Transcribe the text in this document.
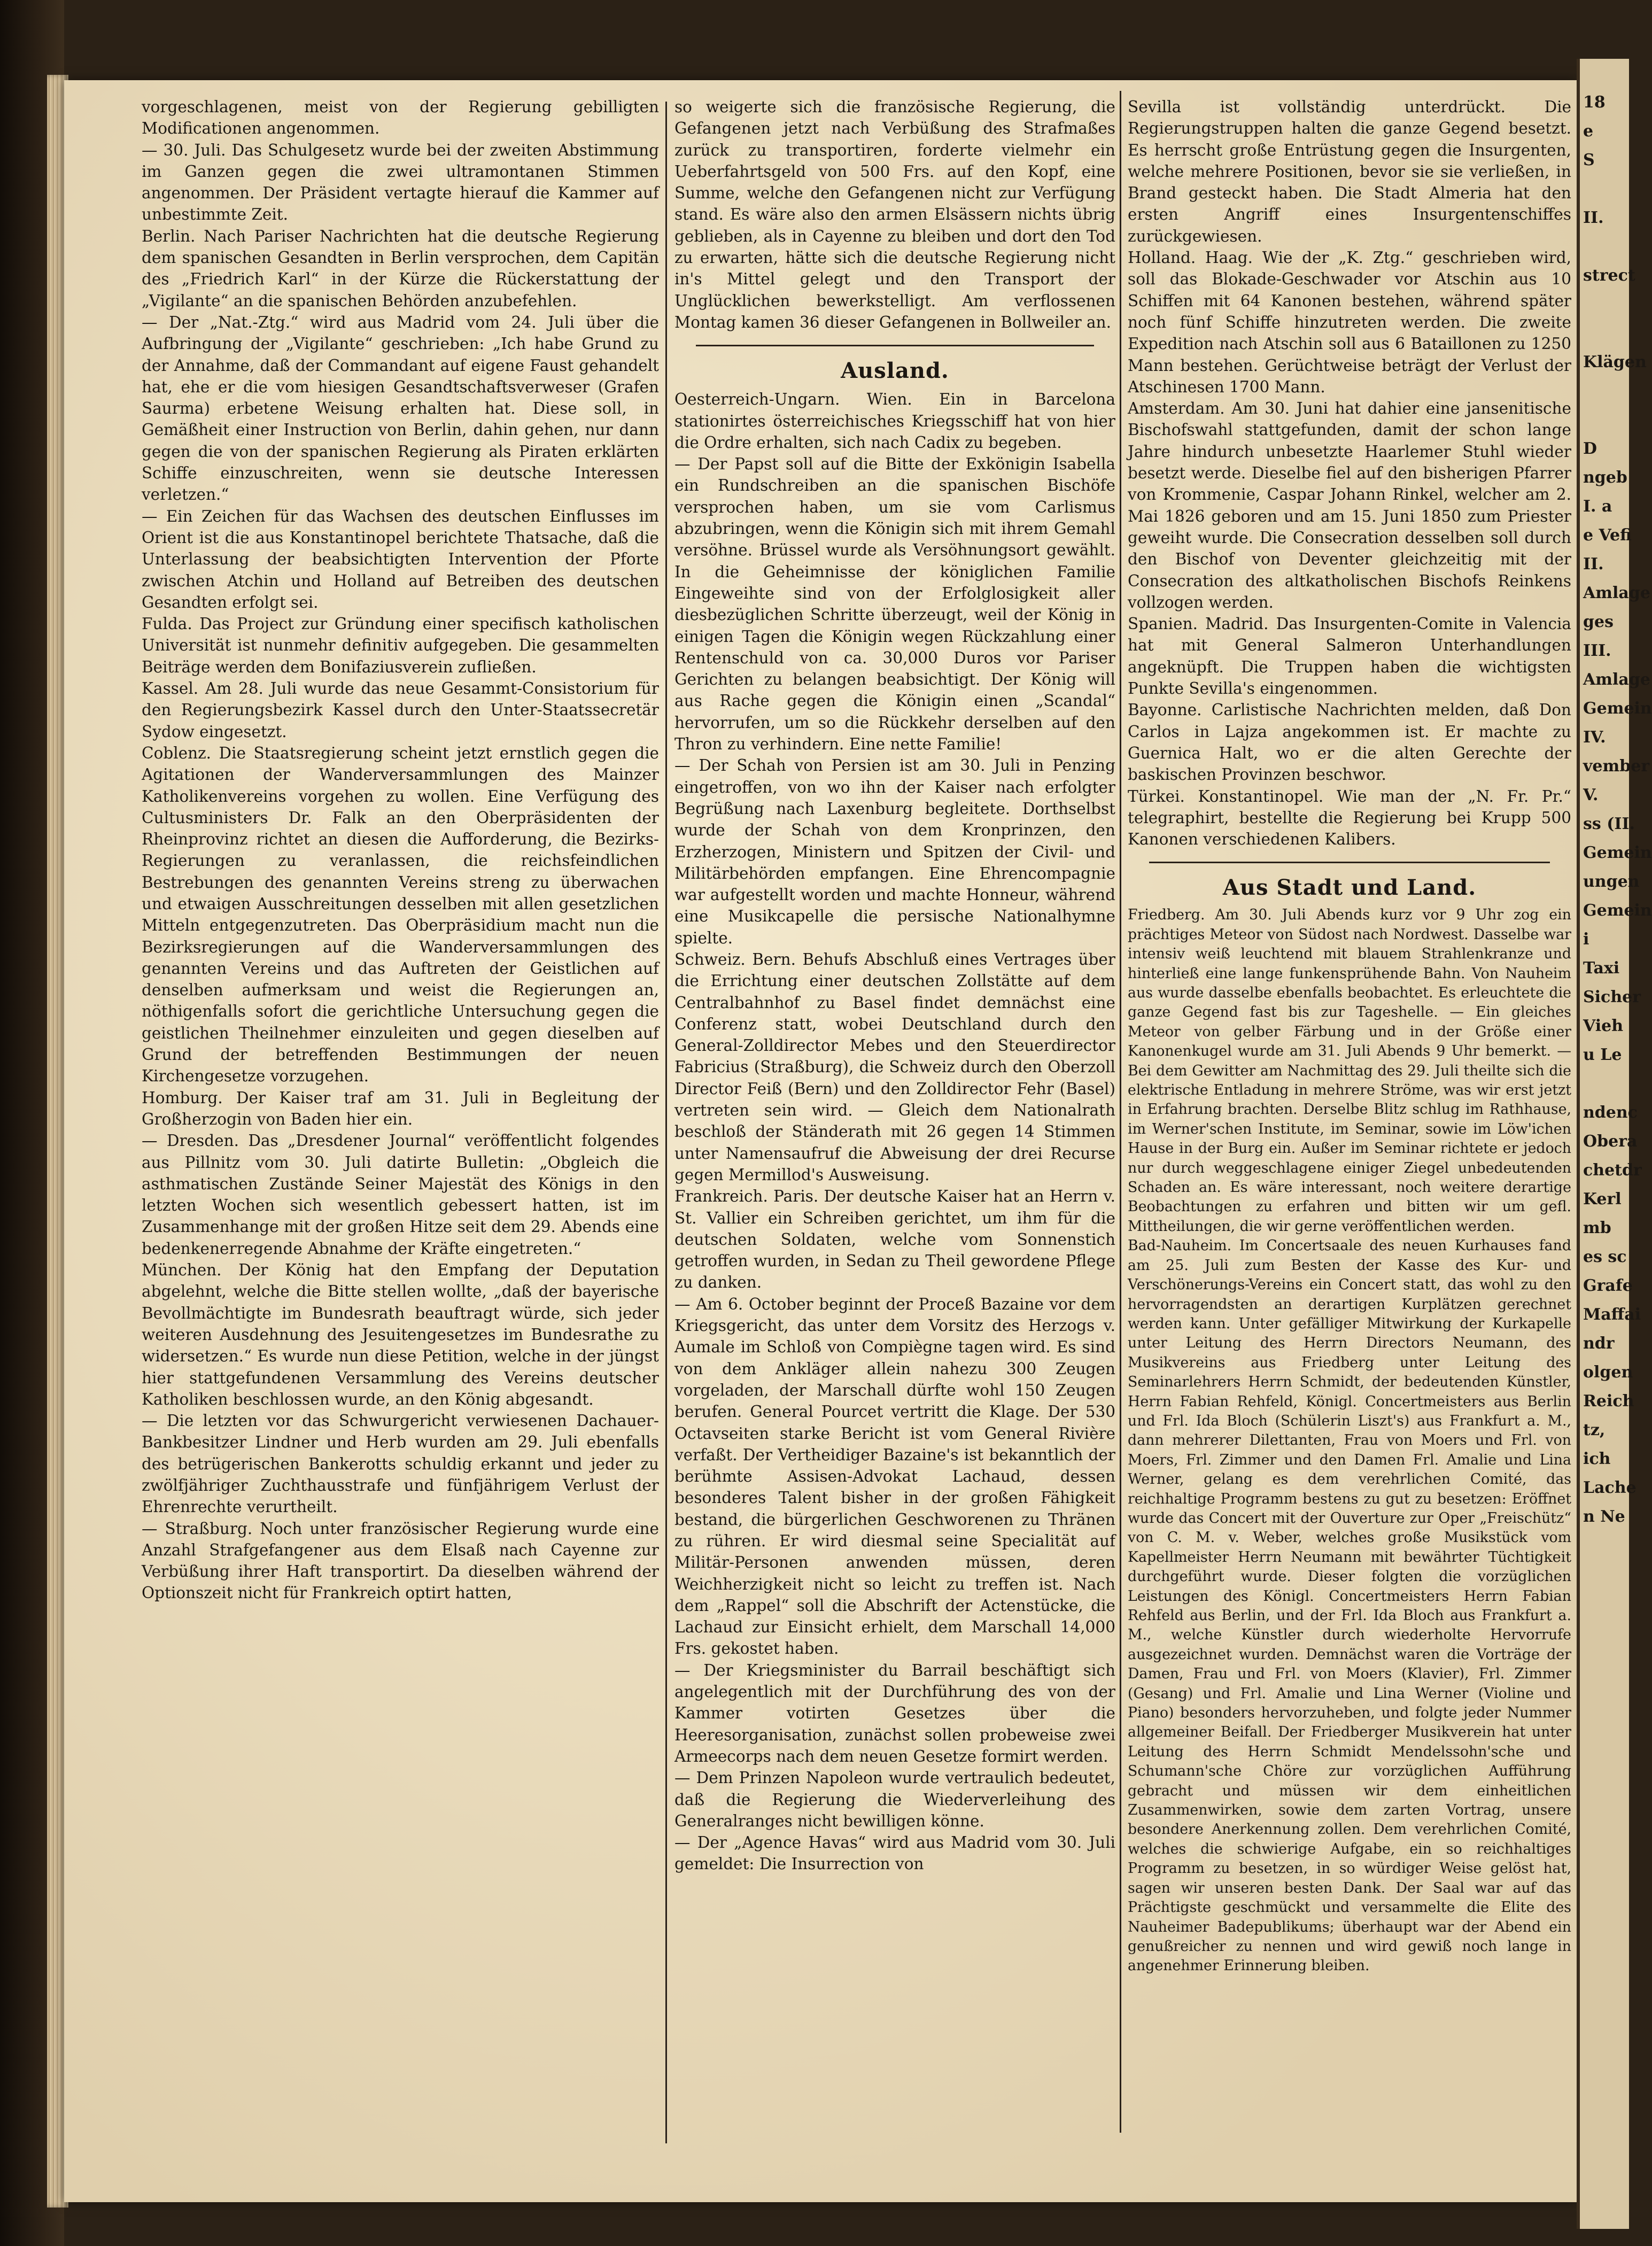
vorgeschlagenen, meist von der Regierung gebilligten Modificationen angenommen.

— 30. Juli. Das Schulgesetz wurde bei der zweiten Abstimmung im Ganzen gegen die zwei ultramontanen Stimmen angenommen. Der Präsident vertagte hierauf die Kammer auf unbestimmte Zeit.

Berlin. Nach Pariser Nachrichten hat die deutsche Regierung dem spanischen Gesandten in Berlin versprochen, dem Capitän des „Friedrich Karl“ in der Kürze die Rückerstattung der „Vigilante“ an die spanischen Behörden anzubefehlen.

— Der „Nat.-Ztg.“ wird aus Madrid vom 24. Juli über die Aufbringung der „Vigilante“ geschrieben: „Ich habe Grund zu der Annahme, daß der Commandant auf eigene Faust gehandelt hat, ehe er die vom hiesigen Gesandtschaftsverweser (Grafen Saurma) erbetene Weisung erhalten hat. Diese soll, in Gemäßheit einer Instruction von Berlin, dahin gehen, nur dann gegen die von der spanischen Regierung als Piraten erklärten Schiffe einzuschreiten, wenn sie deutsche Interessen verletzen.“

— Ein Zeichen für das Wachsen des deutschen Einflusses im Orient ist die aus Konstantinopel berichtete Thatsache, daß die Unterlassung der beabsichtigten Intervention der Pforte zwischen Atchin und Holland auf Betreiben des deutschen Gesandten erfolgt sei.

Fulda. Das Project zur Gründung einer specifisch katholischen Universität ist nunmehr definitiv aufgegeben. Die gesammelten Beiträge werden dem Bonifaziusverein zufließen.

Kassel. Am 28. Juli wurde das neue Gesammt-Consistorium für den Regierungsbezirk Kassel durch den Unter-Staatssecretär Sydow eingesetzt.

Coblenz. Die Staatsregierung scheint jetzt ernstlich gegen die Agitationen der Wanderversammlungen des Mainzer Katholikenvereins vorgehen zu wollen. Eine Verfügung des Cultusministers Dr. Falk an den Oberpräsidenten der Rheinprovinz richtet an diesen die Aufforderung, die Bezirks-Regierungen zu veranlassen, die reichsfeindlichen Bestrebungen des genannten Vereins streng zu überwachen und etwaigen Ausschreitungen desselben mit allen gesetzlichen Mitteln entgegenzutreten. Das Oberpräsidium macht nun die Bezirksregierungen auf die Wanderversammlungen des genannten Vereins und das Auftreten der Geistlichen auf denselben aufmerksam und weist die Regierungen an, nöthigenfalls sofort die gerichtliche Untersuchung gegen die geistlichen Theilnehmer einzuleiten und gegen dieselben auf Grund der betreffenden Bestimmungen der neuen Kirchengesetze vorzugehen.

Homburg. Der Kaiser traf am 31. Juli in Begleitung der Großherzogin von Baden hier ein.

— Dresden. Das „Dresdener Journal“ veröffentlicht folgendes aus Pillnitz vom 30. Juli datirte Bulletin: „Obgleich die asthmatischen Zustände Seiner Majestät des Königs in den letzten Wochen sich wesentlich gebessert hatten, ist im Zusammenhange mit der großen Hitze seit dem 29. Abends eine bedenkenerregende Abnahme der Kräfte eingetreten.“

München. Der König hat den Empfang der Deputation abgelehnt, welche die Bitte stellen wollte, „daß der bayerische Bevollmächtigte im Bundesrath beauftragt würde, sich jeder weiteren Ausdehnung des Jesuitengesetzes im Bundesrathe zu widersetzen.“ Es wurde nun diese Petition, welche in der jüngst hier stattgefundenen Versammlung des Vereins deutscher Katholiken beschlossen wurde, an den König abgesandt.

— Die letzten vor das Schwurgericht verwiesenen Dachauer-Bankbesitzer Lindner und Herb wurden am 29. Juli ebenfalls des betrügerischen Bankerotts schuldig erkannt und jeder zu zwölfjähriger Zuchthausstrafe und fünfjährigem Verlust der Ehrenrechte verurtheilt.

— Straßburg. Noch unter französischer Regierung wurde eine Anzahl Strafgefangener aus dem Elsaß nach Cayenne zur Verbüßung ihrer Haft transportirt. Da dieselben während der Optionszeit nicht für Frankreich optirt hatten,

so weigerte sich die französische Regierung, die Gefangenen jetzt nach Verbüßung des Strafmaßes zurück zu transportiren, forderte vielmehr ein Ueberfahrtsgeld von 500 Frs. auf den Kopf, eine Summe, welche den Gefangenen nicht zur Verfügung stand. Es wäre also den armen Elsässern nichts übrig geblieben, als in Cayenne zu bleiben und dort den Tod zu erwarten, hätte sich die deutsche Regierung nicht in's Mittel gelegt und den Transport der Unglücklichen bewerkstelligt. Am verflossenen Montag kamen 36 dieser Gefangenen in Bollweiler an.

Ausland.

Oesterreich-Ungarn. Wien. Ein in Barcelona stationirtes österreichisches Kriegsschiff hat von hier die Ordre erhalten, sich nach Cadix zu begeben.

— Der Papst soll auf die Bitte der Exkönigin Isabella ein Rundschreiben an die spanischen Bischöfe versprochen haben, um sie vom Carlismus abzubringen, wenn die Königin sich mit ihrem Gemahl versöhne. Brüssel wurde als Versöhnungsort gewählt. In die Geheimnisse der königlichen Familie Eingeweihte sind von der Erfolglosigkeit aller diesbezüglichen Schritte überzeugt, weil der König in einigen Tagen die Königin wegen Rückzahlung einer Rentenschuld von ca. 30,000 Duros vor Pariser Gerichten zu belangen beabsichtigt. Der König will aus Rache gegen die Königin einen „Scandal“ hervorrufen, um so die Rückkehr derselben auf den Thron zu verhindern. Eine nette Familie!

— Der Schah von Persien ist am 30. Juli in Penzing eingetroffen, von wo ihn der Kaiser nach erfolgter Begrüßung nach Laxenburg begleitete. Dorthselbst wurde der Schah von dem Kronprinzen, den Erzherzogen, Ministern und Spitzen der Civil- und Militärbehörden empfangen. Eine Ehrencompagnie war aufgestellt worden und machte Honneur, während eine Musikcapelle die persische Nationalhymne spielte.

Schweiz. Bern. Behufs Abschluß eines Vertrages über die Errichtung einer deutschen Zollstätte auf dem Centralbahnhof zu Basel findet demnächst eine Conferenz statt, wobei Deutschland durch den General-Zolldirector Mebes und den Steuerdirector Fabricius (Straßburg), die Schweiz durch den Oberzoll Director Feiß (Bern) und den Zolldirector Fehr (Basel) vertreten sein wird. — Gleich dem Nationalrath beschloß der Ständerath mit 26 gegen 14 Stimmen unter Namensaufruf die Abweisung der drei Recurse gegen Mermillod's Ausweisung.

Frankreich. Paris. Der deutsche Kaiser hat an Herrn v. St. Vallier ein Schreiben gerichtet, um ihm für die deutschen Soldaten, welche vom Sonnenstich getroffen wurden, in Sedan zu Theil gewordene Pflege zu danken.

— Am 6. October beginnt der Proceß Bazaine vor dem Kriegsgericht, das unter dem Vorsitz des Herzogs v. Aumale im Schloß von Compiègne tagen wird. Es sind von dem Ankläger allein nahezu 300 Zeugen vorgeladen, der Marschall dürfte wohl 150 Zeugen berufen. General Pourcet vertritt die Klage. Der 530 Octavseiten starke Bericht ist vom General Rivière verfaßt. Der Vertheidiger Bazaine's ist bekanntlich der berühmte Assisen-Advokat Lachaud, dessen besonderes Talent bisher in der großen Fähigkeit bestand, die bürgerlichen Geschworenen zu Thränen zu rühren. Er wird diesmal seine Specialität auf Militär-Personen anwenden müssen, deren Weichherzigkeit nicht so leicht zu treffen ist. Nach dem „Rappel“ soll die Abschrift der Actenstücke, die Lachaud zur Einsicht erhielt, dem Marschall 14,000 Frs. gekostet haben.

— Der Kriegsminister du Barrail beschäftigt sich angelegentlich mit der Durchführung des von der Kammer votirten Gesetzes über die Heeresorganisation, zunächst sollen probeweise zwei Armeecorps nach dem neuen Gesetze formirt werden.

— Dem Prinzen Napoleon wurde vertraulich bedeutet, daß die Regierung die Wiederverleihung des Generalranges nicht bewilligen könne.

— Der „Agence Havas“ wird aus Madrid vom 30. Juli gemeldet: Die Insurrection von

Sevilla ist vollständig unterdrückt. Die Regierungstruppen halten die ganze Gegend besetzt. Es herrscht große Entrüstung gegen die Insurgenten, welche mehrere Positionen, bevor sie sie verließen, in Brand gesteckt haben. Die Stadt Almeria hat den ersten Angriff eines Insurgentenschiffes zurückgewiesen.

Holland. Haag. Wie der „K. Ztg.“ geschrieben wird, soll das Blokade-Geschwader vor Atschin aus 10 Schiffen mit 64 Kanonen bestehen, während später noch fünf Schiffe hinzutreten werden. Die zweite Expedition nach Atschin soll aus 6 Bataillonen zu 1250 Mann bestehen. Gerüchtweise beträgt der Verlust der Atschinesen 1700 Mann.

Amsterdam. Am 30. Juni hat dahier eine jansenitische Bischofswahl stattgefunden, damit der schon lange Jahre hindurch unbesetzte Haarlemer Stuhl wieder besetzt werde. Dieselbe fiel auf den bisherigen Pfarrer von Krommenie, Caspar Johann Rinkel, welcher am 2. Mai 1826 geboren und am 15. Juni 1850 zum Priester geweiht wurde. Die Consecration desselben soll durch den Bischof von Deventer gleichzeitig mit der Consecration des altkatholischen Bischofs Reinkens vollzogen werden.

Spanien. Madrid. Das Insurgenten-Comite in Valencia hat mit General Salmeron Unterhandlungen angeknüpft. Die Truppen haben die wichtigsten Punkte Sevilla's eingenommen.

Bayonne. Carlistische Nachrichten melden, daß Don Carlos in Lajza angekommen ist. Er machte zu Guernica Halt, wo er die alten Gerechte der baskischen Provinzen beschwor.

Türkei. Konstantinopel. Wie man der „N. Fr. Pr.“ telegraphirt, bestellte die Regierung bei Krupp 500 Kanonen verschiedenen Kalibers.

Aus Stadt und Land.

Friedberg. Am 30. Juli Abends kurz vor 9 Uhr zog ein prächtiges Meteor von Südost nach Nordwest. Dasselbe war intensiv weiß leuchtend mit blauem Strahlenkranze und hinterließ eine lange funkensprühende Bahn. Von Nauheim aus wurde dasselbe ebenfalls beobachtet. Es erleuchtete die ganze Gegend fast bis zur Tageshelle. — Ein gleiches Meteor von gelber Färbung und in der Größe einer Kanonenkugel wurde am 31. Juli Abends 9 Uhr bemerkt. — Bei dem Gewitter am Nachmittag des 29. Juli theilte sich die elektrische Entladung in mehrere Ströme, was wir erst jetzt in Erfahrung brachten. Derselbe Blitz schlug im Rathhause, im Werner'schen Institute, im Seminar, sowie im Löw'ichen Hause in der Burg ein. Außer im Seminar richtete er jedoch nur durch weggeschlagene einiger Ziegel unbedeutenden Schaden an. Es wäre interessant, noch weitere derartige Beobachtungen zu erfahren und bitten wir um gefl. Mittheilungen, die wir gerne veröffentlichen werden.

Bad-Nauheim. Im Concertsaale des neuen Kurhauses fand am 25. Juli zum Besten der Kasse des Kur- und Verschönerungs-Vereins ein Concert statt, das wohl zu den hervorragendsten an derartigen Kurplätzen gerechnet werden kann. Unter gefälliger Mitwirkung der Kurkapelle unter Leitung des Herrn Directors Neumann, des Musikvereins aus Friedberg unter Leitung des Seminarlehrers Herrn Schmidt, der bedeutenden Künstler, Herrn Fabian Rehfeld, Königl. Concertmeisters aus Berlin und Frl. Ida Bloch (Schülerin Liszt's) aus Frankfurt a. M., dann mehrerer Dilettanten, Frau von Moers und Frl. von Moers, Frl. Zimmer und den Damen Frl. Amalie und Lina Werner, gelang es dem verehrlichen Comité, das reichhaltige Programm bestens zu gut zu besetzen: Eröffnet wurde das Concert mit der Ouverture zur Oper „Freischütz“ von C. M. v. Weber, welches große Musikstück vom Kapellmeister Herrn Neumann mit bewährter Tüchtigkeit durchgeführt wurde. Dieser folgten die vorzüglichen Leistungen des Königl. Concertmeisters Herrn Fabian Rehfeld aus Berlin, und der Frl. Ida Bloch aus Frankfurt a. M., welche Künstler durch wiederholte Hervorrufe ausgezeichnet wurden. Demnächst waren die Vorträge der Damen, Frau und Frl. von Moers (Klavier), Frl. Zimmer (Gesang) und Frl. Amalie und Lina Werner (Violine und Piano) besonders hervorzuheben, und folgte jeder Nummer allgemeiner Beifall. Der Friedberger Musikverein hat unter Leitung des Herrn Schmidt Mendelssohn'sche und Schumann'sche Chöre zur vorzüglichen Aufführung gebracht und müssen wir dem einheitlichen Zusammenwirken, sowie dem zarten Vortrag, unsere besondere Anerkennung zollen. Dem verehrlichen Comité, welches die schwierige Aufgabe, ein so reichhaltiges Programm zu besetzen, in so würdiger Weise gelöst hat, sagen wir unseren besten Dank. Der Saal war auf das Prächtigste geschmückt und versammelte die Elite des Nauheimer Badepublikums; überhaupt war der Abend ein genußreicher zu nennen und wird gewiß noch lange in angenehmer Erinnerung bleiben.

18
e
S
II.
strect
Klägen
D
ngeb
I. a
e Vefi
II.
Amlage
ges
III.
Amlage
Gemein
IV.
vember
V.
ss (II.
Gemein
ungen
Gemein
i
Taxi
Sicher
Vieh
u Le
ndenc
Obera
chetdr
Kerl
mb
es sc
Grafe
Maffai
ndr
olgen
Reich
tz,
ich
Lache
n Ne
